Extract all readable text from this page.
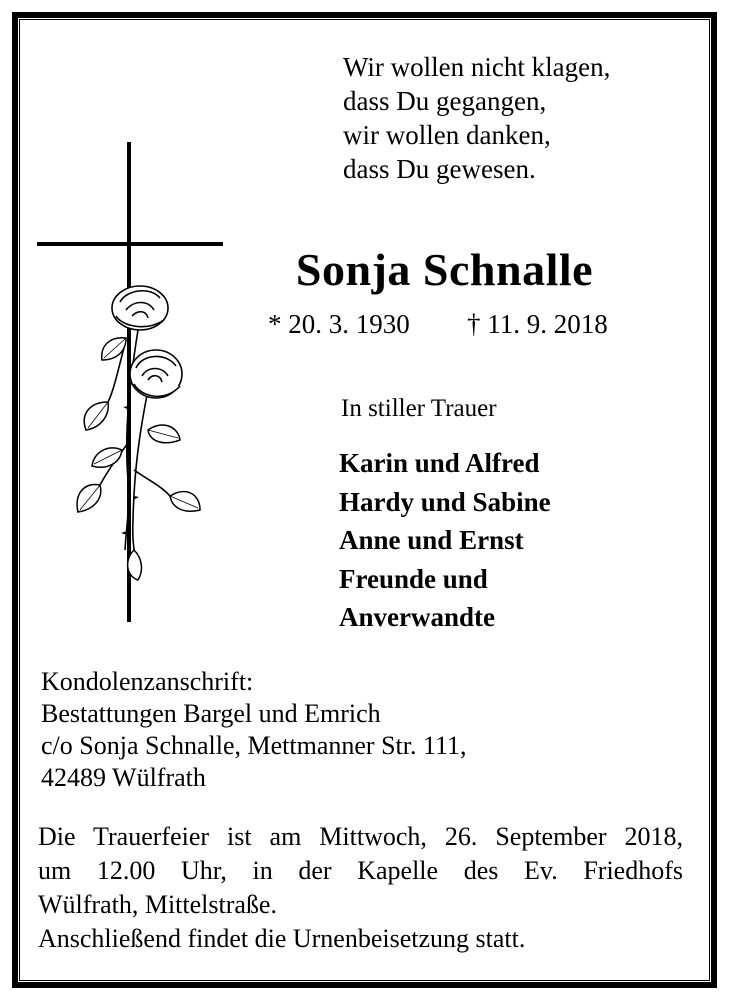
Wir wollen nicht klagen,
dass Du gegangen,
wir wollen danken,
dass Du gewesen.
Sonja Schnalle
* 20. 3. 1930 † 11. 9. 2018
In stiller Trauer
Karin und Alfred
Hardy und Sabine
Anne und Ernst
Freunde und
Anverwandte
Kondolenzanschrift:
Bestattungen Bargel und Emrich
c/o Sonja Schnalle, Mettmanner Str. 111,
42489 Wülfrath
Die Trauerfeier ist am Mittwoch, 26. September 2018,
um 12.00 Uhr, in der Kapelle des Ev. Friedhofs
Wülfrath, Mittelstraße.
Anschließend findet die Urnenbeisetzung statt.
